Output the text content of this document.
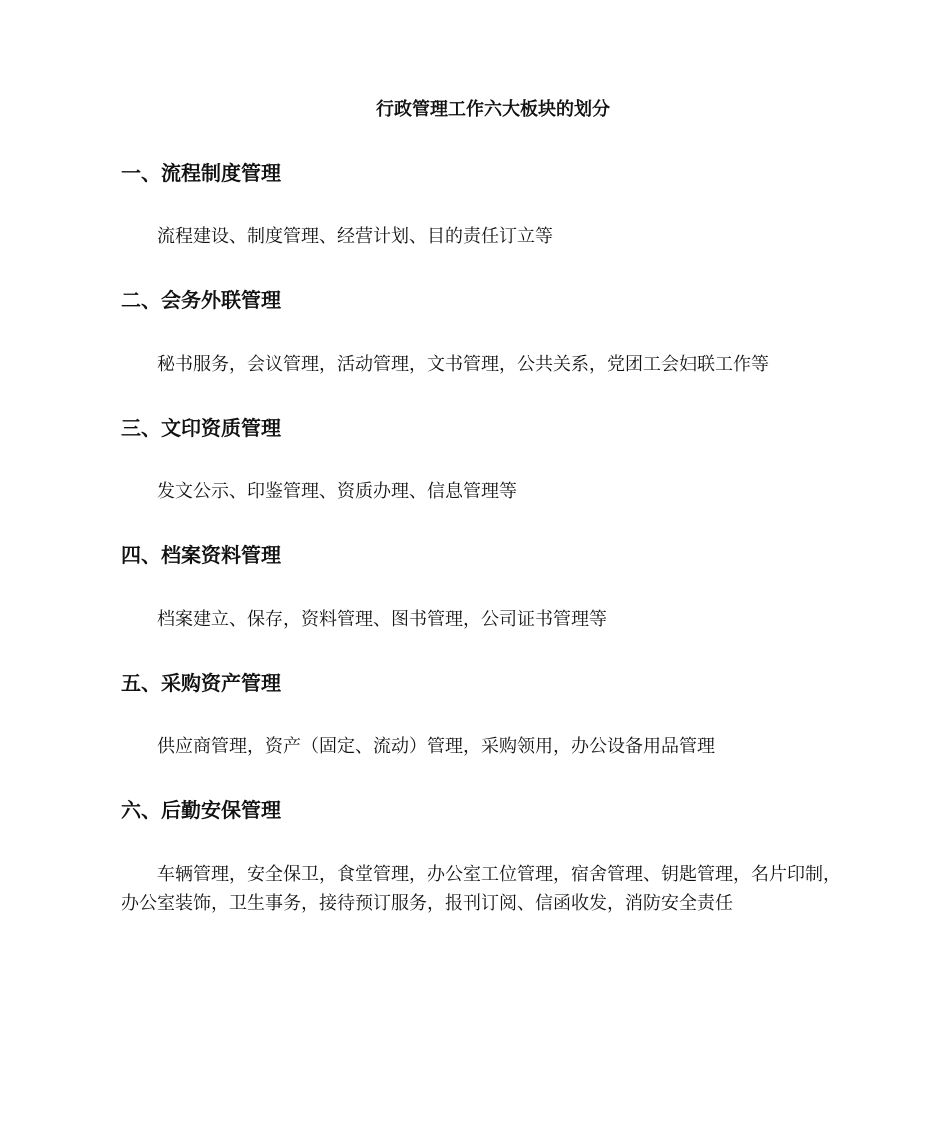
行政管理工作六大板块的划分
一、流程制度管理
流程建设、制度管理、经营计划、目的责任订立等
二、会务外联管理
秘书服务，会议管理，活动管理，文书管理，公共关系，党团工会妇联工作等
三、文印资质管理
发文公示、印鉴管理、资质办理、信息管理等
四、档案资料管理
档案建立、保存，资料管理、图书管理，公司证书管理等
五、采购资产管理
供应商管理，资产（固定、流动）管理，采购领用，办公设备用品管理
六、后勤安保管理
车辆管理，安全保卫，食堂管理，办公室工位管理，宿舍管理、钥匙管理，名片印制，办公室装饰，卫生事务，接待预订服务，报刊订阅、信函收发，消防安全责任
